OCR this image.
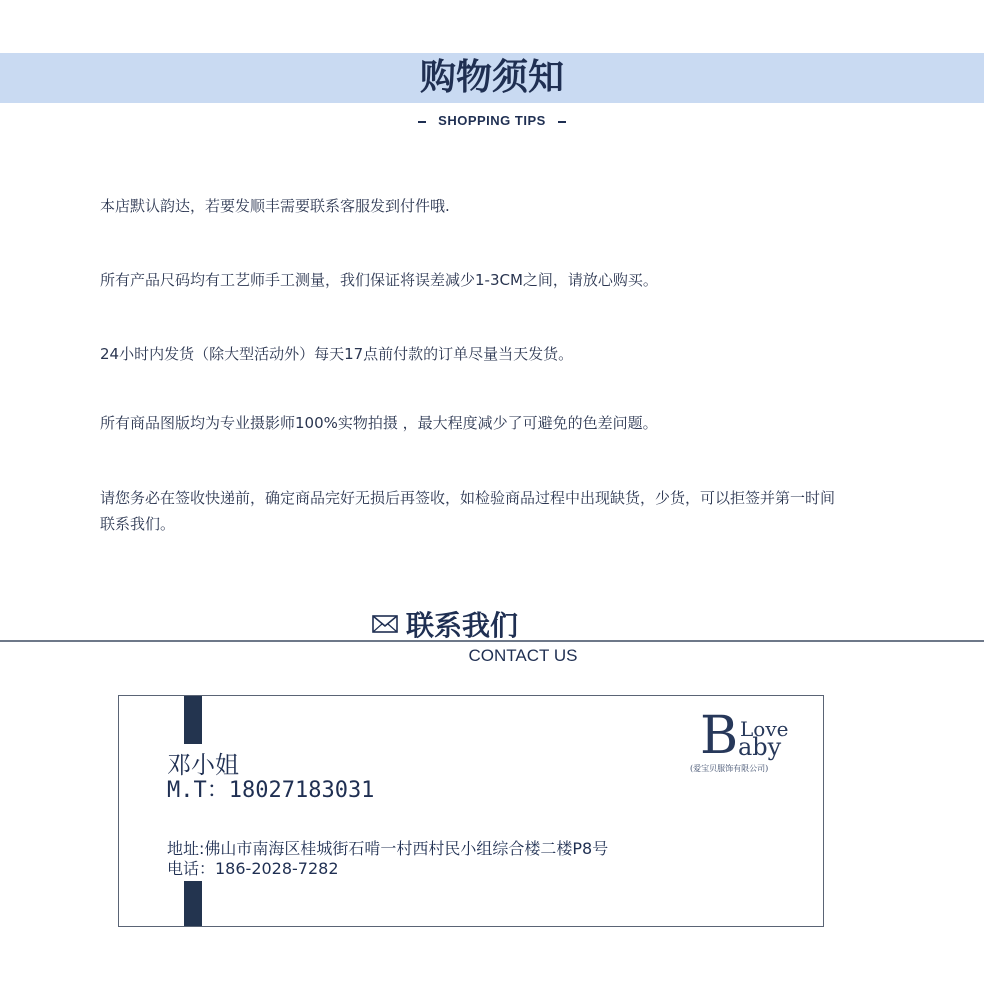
购物须知
SHOPPING TIPS
本店默认韵达，若要发顺丰需要联系客服发到付件哦.
所有产品尺码均有工艺师手工测量，我们保证将误差减少1-3CM之间，请放心购买。
24小时内发货（除大型活动外）每天17点前付款的订单尽量当天发货。
所有商品图版均为专业摄影师100%实物拍摄 ，最大程度减少了可避免的色差问题。
请您务必在签收快递前，确定商品完好无损后再签收，如检验商品过程中出现缺货，少货，可以拒签并第一时间联系我们。
联系我们
CONTACT US
邓小姐
M.T：18027183031
地址:佛山市南海区桂城街石啃一村西村民小组综合楼二楼P8号
电话：186-2028-7282
B Love
aby
(爱宝贝服饰有限公司)
